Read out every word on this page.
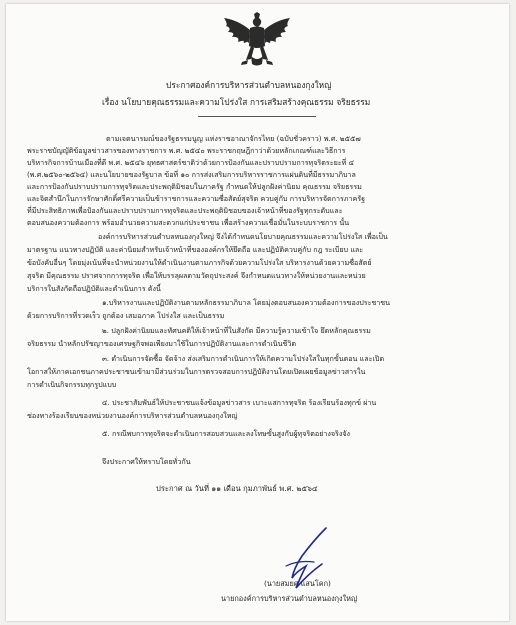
ประกาศองค์การบริหารส่วนตำบลหนองกุงใหญ่
เรื่อง นโยบายคุณธรรมและความโปร่งใส การเสริมสร้างคุณธรรม จริยธรรม
ตามเจตนารมณ์ของรัฐธรรมนูญ แห่งราชอาณาจักรไทย (ฉบับชั่วคราว) พ.ศ. ๒๕๕๗
พระราชบัญญัติข้อมูลข่าวสารของทางราชการ พ.ศ. ๒๕๔๐ พระราชกฤษฎีกาว่าด้วยหลักเกณฑ์และวิธีการ
บริหารกิจการบ้านเมืองที่ดี พ.ศ. ๒๕๔๖ ยุทธศาสตร์ชาติว่าด้วยการป้องกันและปราบปรามการทุจริตระยะที่ ๔
(พ.ศ.๒๕๖๐-๒๕๖๔) และนโยบายของรัฐบาล ข้อที่ ๑๐ การส่งเสริมการบริหารราชการแผ่นดินที่มีธรรมาภิบาล
และการป้องกันปราบปรามการทุจริตและประพฤติมิชอบในภาครัฐ กำหนดให้ปลูกฝังค่านิยม คุณธรรม จริยธรรม
และจิตสำนึกในการรักษาศักดิ์ศรีความเป็นข้าราชการและความซื่อสัตย์สุจริต ควบคู่กับ การบริหารจัดการภาครัฐ
ที่มีประสิทธิภาพเพื่อป้องกันและปราบปรามการทุจริตและประพฤติมิชอบของเจ้าหน้าที่ของรัฐทุกระดับและ
ตอบสนองความต้องการ พร้อมอำนวยความสะดวกแก่ประชาชน เพื่อสร้างความเชื่อมั่นในระบบราชการ นั้น
องค์การบริหารส่วนตำบลหนองกุงใหญ่ จึงได้กำหนดนโยบายคุณธรรมและความโปร่งใส เพื่อเป็น
มาตรฐาน แนวทางปฏิบัติ และค่านิยมสำหรับเจ้าหน้าที่ขององค์กรให้ยึดถือ และปฏิบัติควบคู่กับ กฎ ระเบียบ และ
ข้อบังคับอื่นๆ โดยมุ่งเน้นที่จะนำหน่วยงานให้ดำเนินงานตามภารกิจด้วยความโปร่งใส บริหารงานด้วยความซื่อสัตย์
สุจริต มีคุณธรรม ปราศจากการทุจริต เพื่อให้บรรลุผลตามวัตถุประสงค์ จึงกำหนดแนวทางให้หน่วยงานและหน่วย
บริการในสังกัดถือปฏิบัติและดำเนินการ ดังนี้
๑.บริหารงานและปฏิบัติงานตามหลักธรรมาภิบาล โดยมุ่งตอบสนองความต้องการของประชาชน
ด้วยการบริการที่รวดเร็ว ถูกต้อง เสมอภาค โปร่งใส และเป็นธรรม
๒. ปลูกฝังค่านิยมและทัศนคติให้เจ้าหน้าที่ในสังกัด มีความรู้ความเข้าใจ ยึดหลักคุณธรรม
จริยธรรม นำหลักปรัชญาของเศรษฐกิจพอเพียงมาใช้ในการปฏิบัติงานและการดำเนินชีวิต
๓. ดำเนินการจัดซื้อ จัดจ้าง ส่งเสริมการดำเนินการให้เกิดความโปร่งใสในทุกขั้นตอน และเปิด
โอกาสให้ภาคเอกชนภาคประชาชนเข้ามามีส่วนร่วมในการตรวจสอบการปฏิบัติงานโดยเปิดเผยข้อมูลข่าวสารใน
การดำเนินกิจกรรมทุกรูปแบบ
๔. ประชาสัมพันธ์ให้ประชาชนแจ้งข้อมูลข่าวสาร เบาะแสการทุจริต ร้องเรียนร้องทุกข์ ผ่าน
ช่องทางร้องเรียนของหน่วยงานองค์การบริหารส่วนตำบลหนองกุงใหญ่
๕. กรณีพบการทุจริตจะดำเนินการสอบสวนและลงโทษขั้นสูงกับผู้ทุจริตอย่างจริงจัง
จึงประกาศให้ทราบโดยทั่วกัน
ประกาศ ณ วันที่ ๑๑ เดือน กุมภาพันธ์ พ.ศ. ๒๕๖๔
(นายสมยศ แสนโคก)
นายกองค์การบริหารส่วนตำบลหนองกุงใหญ่
